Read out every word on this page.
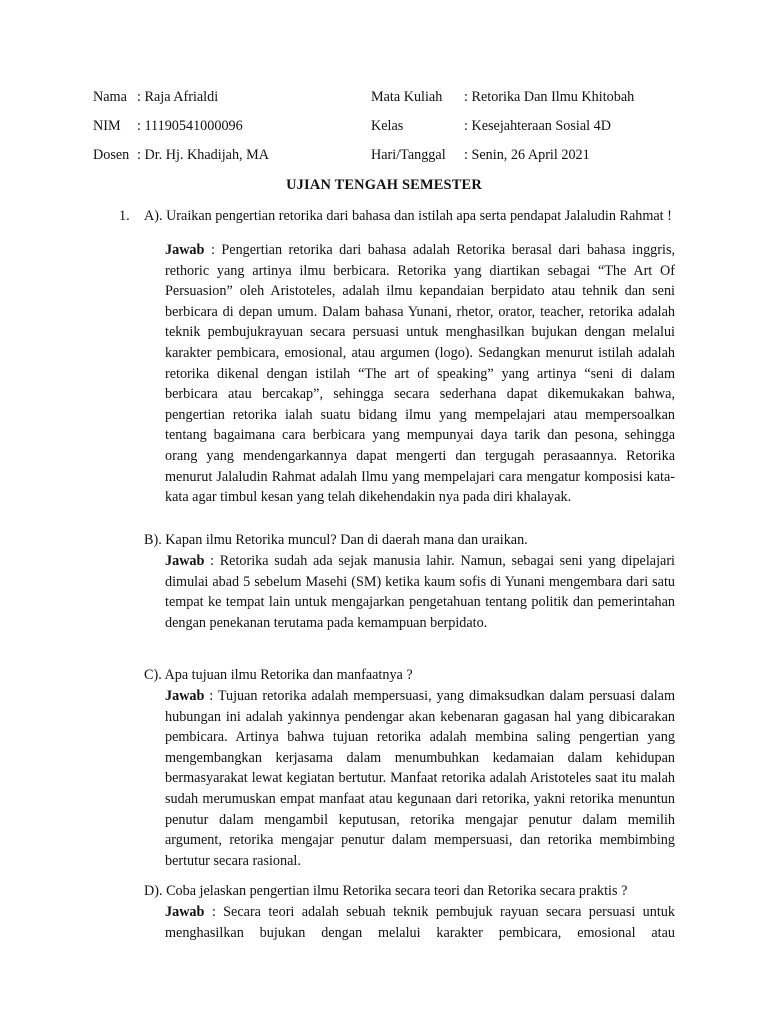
Nama : Raja Afrialdi	Mata Kuliah : Retorika Dan Ilmu Khitobah
NIM : 11190541000096	Kelas	: Kesejahteraan Sosial 4D
Dosen : Dr. Hj. Khadijah, MA	Hari/Tanggal : Senin, 26 April 2021
UJIAN TENGAH SEMESTER
1. A). Uraikan pengertian retorika dari bahasa dan istilah apa serta pendapat Jalaludin Rahmat !

Jawab : Pengertian retorika dari bahasa adalah Retorika berasal dari bahasa inggris, rethoric yang artinya ilmu berbicara. Retorika yang diartikan sebagai “The Art Of Persuasion” oleh Aristoteles, adalah ilmu kepandaian berpidato atau tehnik dan seni berbicara di depan umum. Dalam bahasa Yunani, rhetor, orator, teacher, retorika adalah teknik pembujukrayuan secara persuasi untuk menghasilkan bujukan dengan melalui karakter pembicara, emosional, atau argumen (logo). Sedangkan menurut istilah adalah retorika dikenal dengan istilah “The art of speaking” yang artinya “seni di dalam berbicara atau bercakap”, sehingga secara sederhana dapat dikemukakan bahwa, pengertian retorika ialah suatu bidang ilmu yang mempelajari atau mempersoalkan tentang bagaimana cara berbicara yang mempunyai daya tarik dan pesona, sehingga orang yang mendengarkannya dapat mengerti dan tergugah perasaannya. Retorika menurut Jalaludin Rahmat adalah Ilmu yang mempelajari cara mengatur komposisi kata-kata agar timbul kesan yang telah dikehendakin nya pada diri khalayak.

B). Kapan ilmu Retorika muncul? Dan di daerah mana dan uraikan.

Jawab : Retorika sudah ada sejak manusia lahir. Namun, sebagai seni yang dipelajari dimulai abad 5 sebelum Masehi (SM) ketika kaum sofis di Yunani mengembara dari satu tempat ke tempat lain untuk mengajarkan pengetahuan tentang politik dan pemerintahan dengan penekanan terutama pada kemampuan berpidato.

C). Apa tujuan ilmu Retorika dan manfaatnya ?

Jawab : Tujuan retorika adalah mempersuasi, yang dimaksudkan dalam persuasi dalam hubungan ini adalah yakinnya pendengar akan kebenaran gagasan hal yang dibicarakan pembicara. Artinya bahwa tujuan retorika adalah membina saling pengertian yang mengembangkan kerjasama dalam menumbuhkan kedamaian dalam kehidupan bermasyarakat lewat kegiatan bertutur. Manfaat retorika adalah Aristoteles saat itu malah sudah merumuskan empat manfaat atau kegunaan dari retorika, yakni retorika menuntun penutur dalam mengambil keputusan, retorika mengajar penutur dalam memilih argument, retorika mengajar penutur dalam mempersuasi, dan retorika membimbing bertutur secara rasional.

D). Coba jelaskan pengertian ilmu Retorika secara teori dan Retorika secara praktis ?

Jawab : Secara teori adalah sebuah teknik pembujuk rayuan secara persuasi untuk menghasilkan bujukan dengan melalui karakter pembicara, emosional atau
